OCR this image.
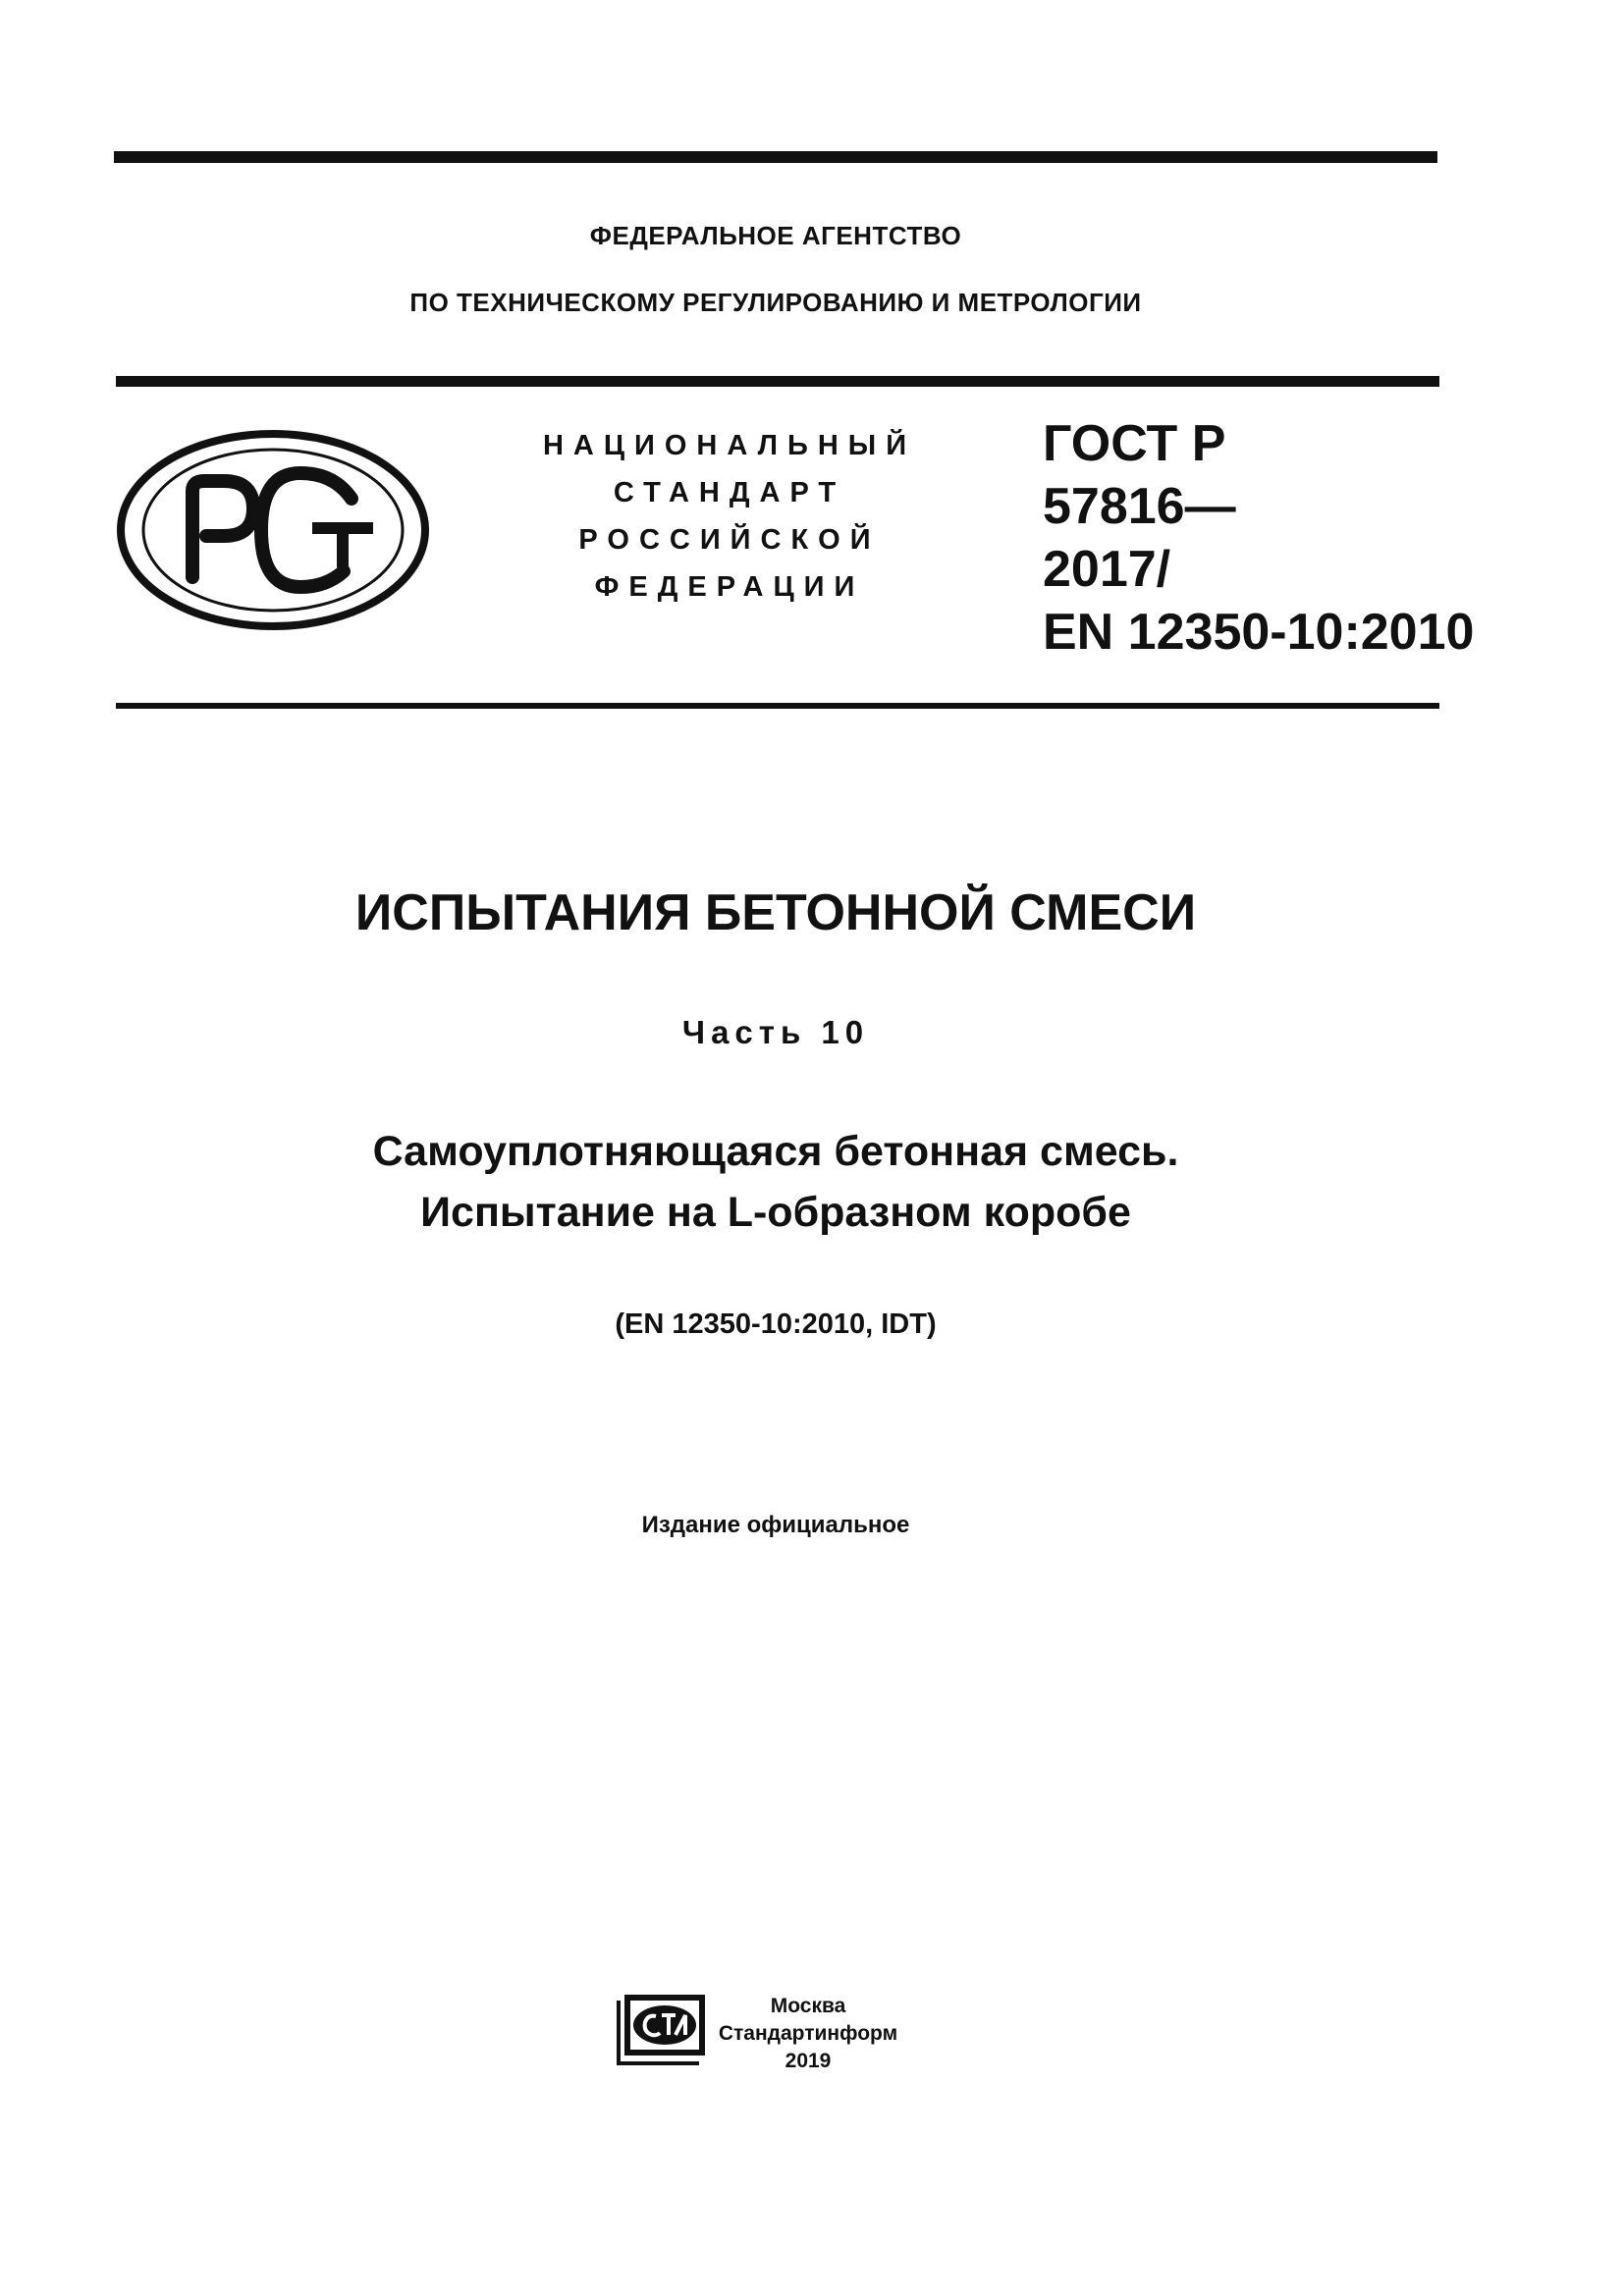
ФЕДЕРАЛЬНОЕ АГЕНТСТВО
ПО ТЕХНИЧЕСКОМУ РЕГУЛИРОВАНИЮ И МЕТРОЛОГИИ
НАЦИОНАЛЬНЫЙ
СТАНДАРТ
РОССИЙСКОЙ
ФЕДЕРАЦИИ
ГОСТ Р
57816—
2017/
EN 12350-10:2010
ИСПЫТАНИЯ БЕТОННОЙ СМЕСИ
Часть 10
Самоуплотняющаяся бетонная смесь.
Испытание на L-образном коробе
(EN 12350-10:2010, IDT)
Издание официальное
Москва
Стандартинформ
2019
